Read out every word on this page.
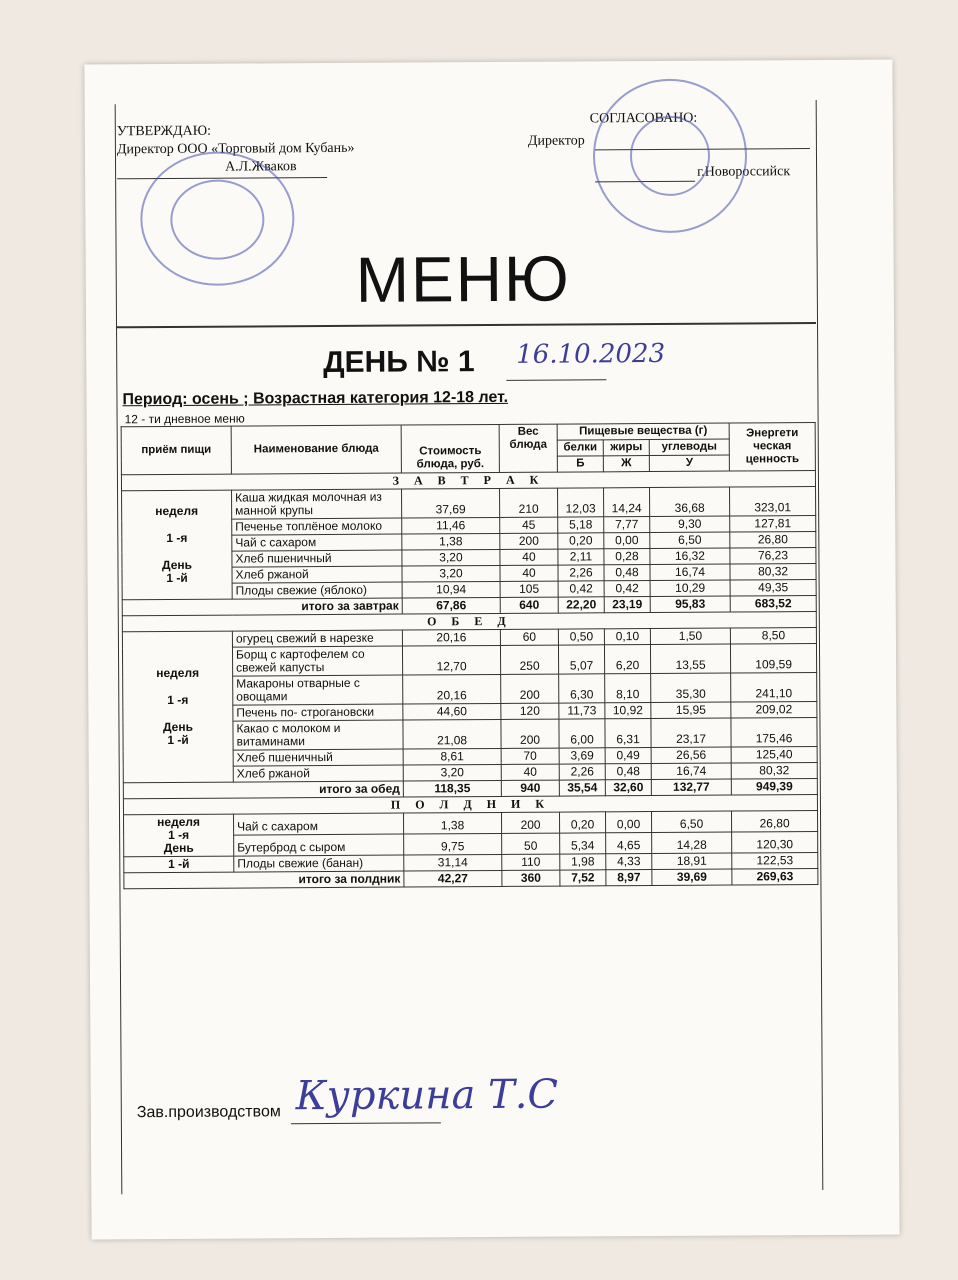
УТВЕРЖДАЮ:
Директор ООО «Торговый дом Кубань»
А.Л.Жваков
СОГЛАСОВАНО:
Директор
г.Новороссийск
МЕНЮ
ДЕНЬ № 1 16.10.2023
Период: осень ; Возрастная категория 12-18 лет.
12 - ти дневное меню
приём пищи	Наименование блюда	Стоимость блюда, руб.	Вес блюда	Пищевые вещества (г)			Энергети ческая ценность
				белки	жиры	углеводы	
				Б	Ж	У	
З А В Т Р А К							

неделя
1 -я
День
1 -й	Каша жидкая молочная из манной крупы	37,69	210	12,03	14,24	36,68	323,01
	Печенье топлёное молоко	11,46	45	5,18	7,77	9,30	127,81
	Чай с сахаром	1,38	200	0,20	0,00	6,50	26,80
	Хлеб пшеничный	3,20	40	2,11	0,28	16,32	76,23
	Хлеб ржаной	3,20	40	2,26	0,48	16,74	80,32
	Плоды свежие (яблоко)	10,94	105	0,42	0,42	10,29	49,35
итого за завтрак		67,86	640	22,20	23,19	95,83	683,52
О Б Е Д							

неделя
1 -я
День
1 -й	огурец свежий в нарезке	20,16	60	0,50	0,10	1,50	8,50
	Борщ с картофелем со свежей капусты	12,70	250	5,07	6,20	13,55	109,59
	Макароны отварные с овощами	20,16	200	6,30	8,10	35,30	241,10
	Печень по- строгановски	44,60	120	11,73	10,92	15,95	209,02
	Какао с молоком и витаминами	21,08	200	6,00	6,31	23,17	175,46
	Хлеб пшеничный	8,61	70	3,69	0,49	26,56	125,40
	Хлеб ржаной	3,20	40	2,26	0,48	16,74	80,32
итого за обед		118,35	940	35,54	32,60	132,77	949,39
П О Л Д Н И К							

неделя
1 -я
День	Чай с сахаром	1,38	200	0,20	0,00	6,50	26,80
	Бутерброд с сыром	9,75	50	5,34	4,65	14,28	120,30
1 -й	Плоды свежие (банан)	31,14	110	1,98	4,33	18,91	122,53
итого за полдник		42,27	360	7,52	8,97	39,69	269,63
Зав.производством Куркина Т.С
